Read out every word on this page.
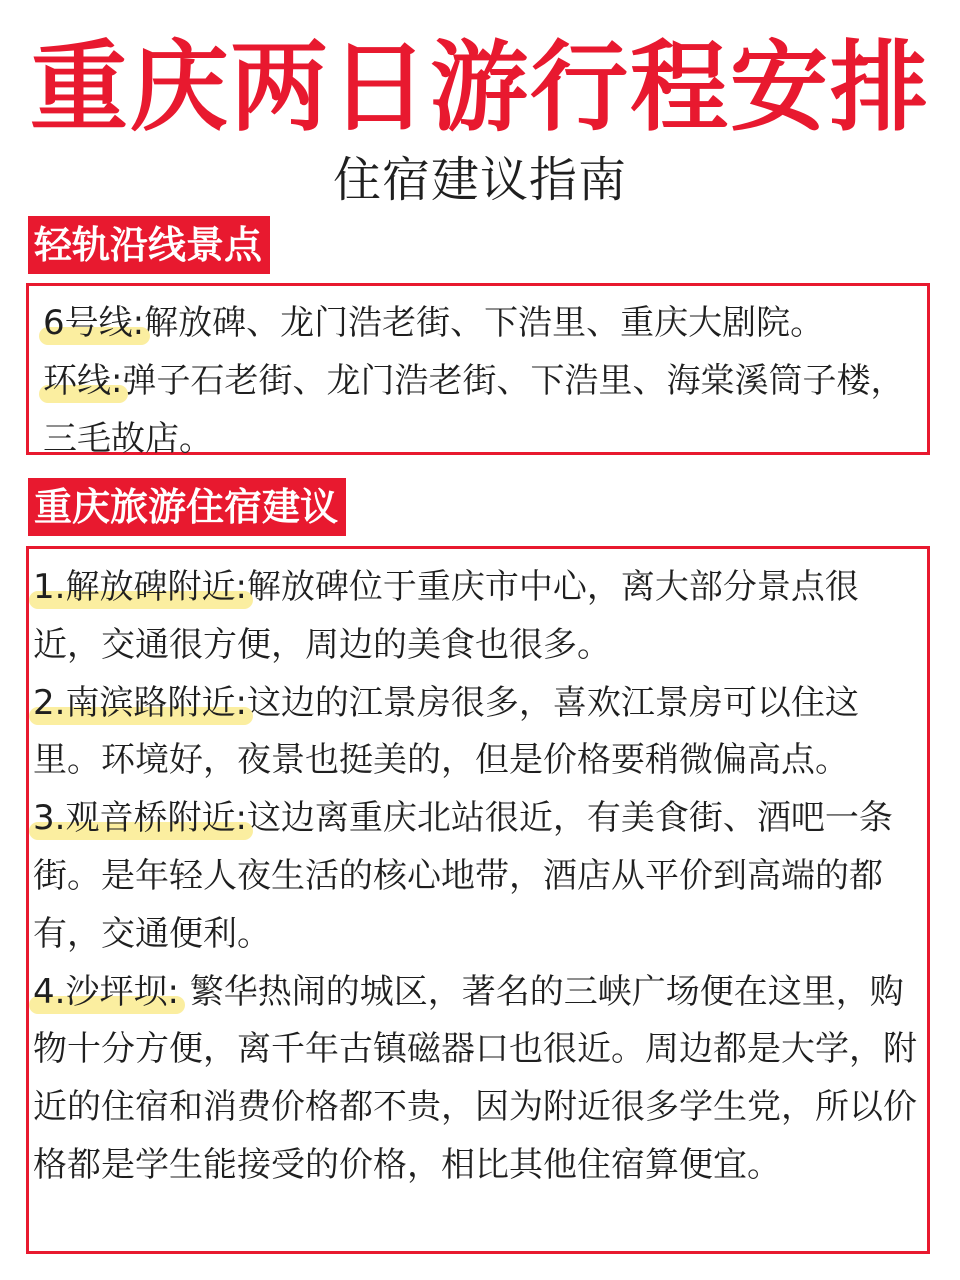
重庆两日游行程安排
住宿建议指南
轻轨沿线景点

6号线:解放碑、龙门浩老街、下浩里、重庆大剧院。

环线:弹子石老街、龙门浩老街、下浩里、海棠溪筒子楼，三毛故店。

重庆旅游住宿建议

1.解放碑附近:解放碑位于重庆市中心，离大部分景点很近，交通很方便，周边的美食也很多。

2.南滨路附近:这边的江景房很多，喜欢江景房可以住这里。环境好，夜景也挺美的，但是价格要稍微偏高点。

3.观音桥附近:这边离重庆北站很近，有美食街、酒吧一条街。是年轻人夜生活的核心地带，酒店从平价到高端的都有，交通便利。

4.沙坪坝: 繁华热闹的城区，著名的三峡广场便在这里，购物十分方便，离千年古镇磁器口也很近。周边都是大学，附近的住宿和消费价格都不贵，因为附近很多学生党，所以价格都是学生能接受的价格，相比其他住宿算便宜。
